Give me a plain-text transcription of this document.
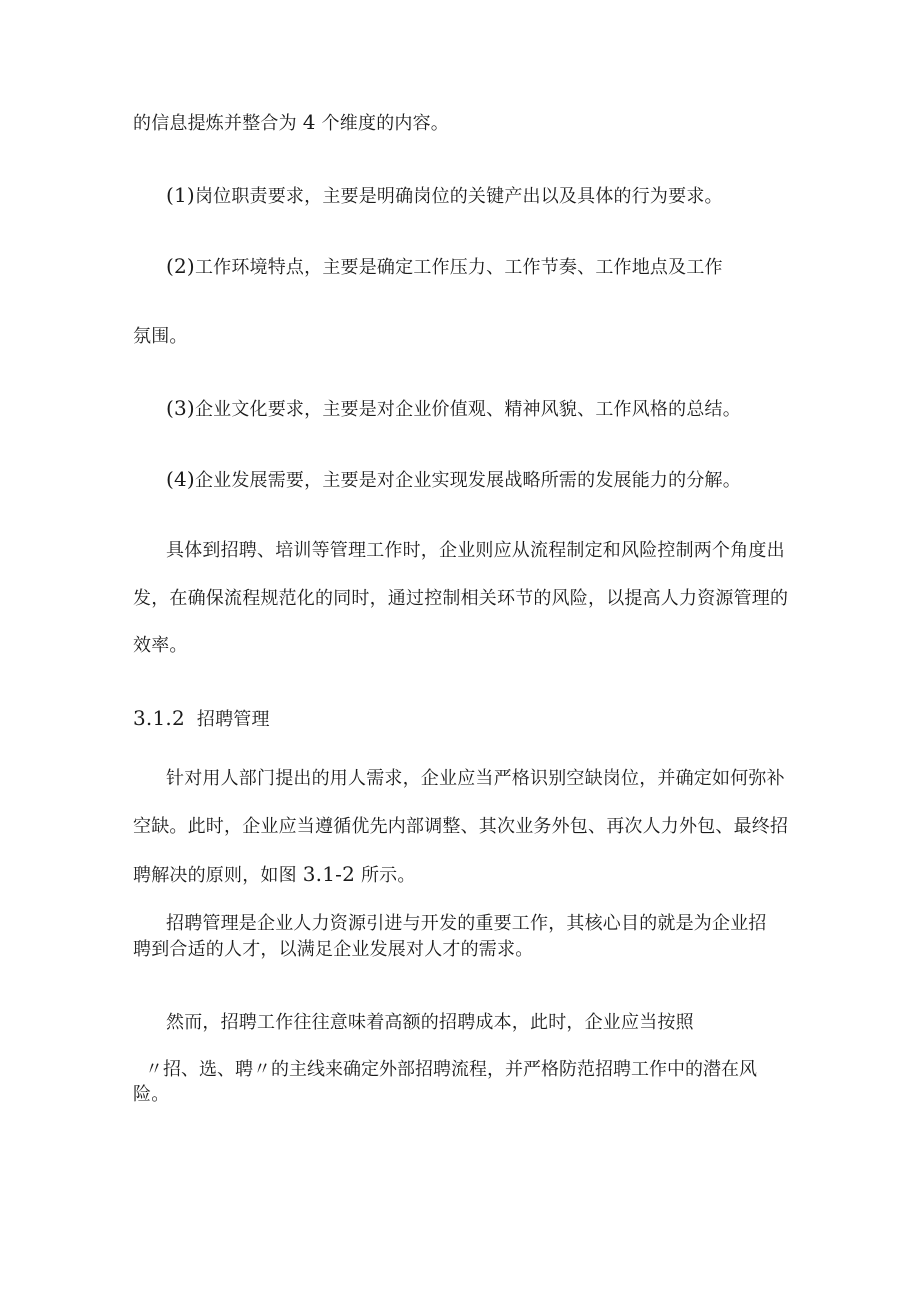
的信息提炼并整合为 4 个维度的内容。
(1)岗位职责要求，主要是明确岗位的关键产出以及具体的行为要求。
(2)工作环境特点，主要是确定工作压力、工作节奏、工作地点及工作
氛围。
(3)企业文化要求，主要是对企业价值观、精神风貌、工作风格的总结。
(4)企业发展需要，主要是对企业实现发展战略所需的发展能力的分解。
具体到招聘、培训等管理工作时，企业则应从流程制定和风险控制两个角度出
发，在确保流程规范化的同时，通过控制相关环节的风险，以提高人力资源管理的
效率。
3.1.2 招聘管理
针对用人部门提出的用人需求，企业应当严格识别空缺岗位，并确定如何弥补
空缺。此时，企业应当遵循优先内部调整、其次业务外包、再次人力外包、最终招
聘解决的原则，如图 3.1-2 所示。
招聘管理是企业人力资源引进与开发的重要工作，其核心目的就是为企业招
聘到合适的人才，以满足企业发展对人才的需求。
然而，招聘工作往往意味着高额的招聘成本，此时，企业应当按照
〃招、选、聘〃的主线来确定外部招聘流程，并严格防范招聘工作中的潜在风
险。
